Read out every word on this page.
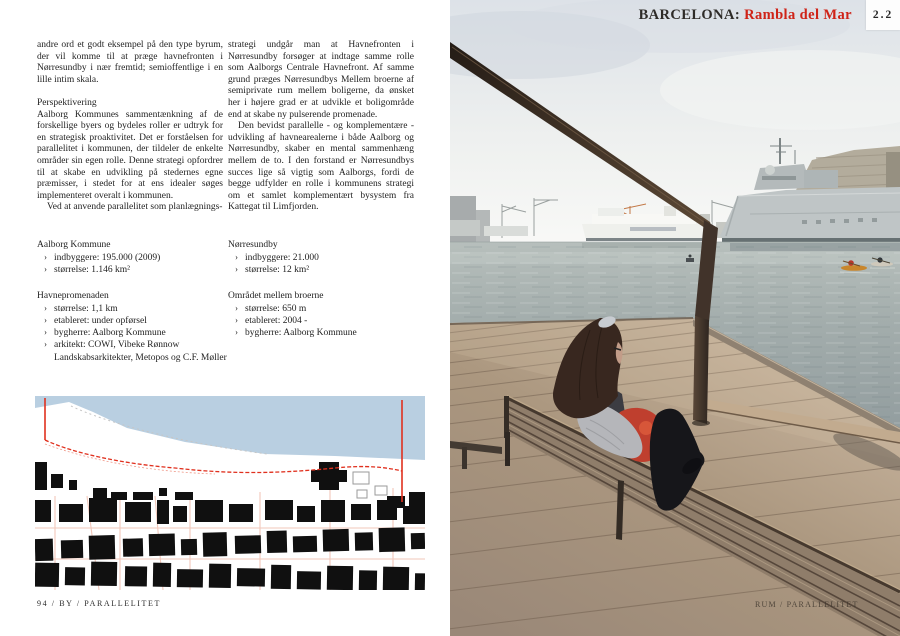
andre ord et godt eksempel på den type byrum, der vil komme til at præge havnefronten i Nørresundby i nær fremtid; semioffentlige i en lille intim skala.

Perspektivering

Aalborg Kommunes sammentænkning af de forskellige byers og bydeles roller er udtryk for en strategisk proaktivitet. Det er forståelsen for parallelitet i kommunen, der tildeler de enkelte områder sin egen rolle. Denne strategi opfordrer til at skabe en udvikling på stedernes egne præmisser, i stedet for at ens idealer søges implementeret overalt i kommunen.

Ved at anvende parallelitet som planlægnings-

strategi undgår man at Havnefronten i Nørresundby forsøger at indtage samme rolle som Aalborgs Centrale Havnefront. Af samme grund præges Nørresundbys Mellem broerne af semiprivate rum mellem boligerne, da ønsket her i højere grad er at udvikle et boligområde end at skabe ny pulserende promenade.

Den bevidst parallelle - og komplementære - udvikling af havnearealerne i både Aalborg og Nørresundby, skaber en mental sammenhæng mellem de to. I den forstand er Nørresundbys succes lige så vigtig som Aalborgs, fordi de begge udfylder en rolle i kommunens strategi om et samlet komplementært bysystem fra Kattegat til Limfjorden.

Aalborg Kommune
› indbyggere: 195.000 (2009)
› størrelse: 1.146 km²
Havnepromenaden
› størrelse: 1,1 km
› etableret: under opførsel
› bygherre: Aalborg Kommune
› arkitekt: COWI, Vibeke Rønnow Landskabsarkitekter, Metopos og C.F. Møller
Nørresundby
› indbyggere: 21.000
› størrelse: 12 km²
Området mellem broerne
› størrelse: 650 m
› etableret: 2004 -
› bygherre: Aalborg Kommune
94 / BY / PARALLELITET
BARCELONA: Rambla del Mar	2.2
RUM / PARALLELITET
